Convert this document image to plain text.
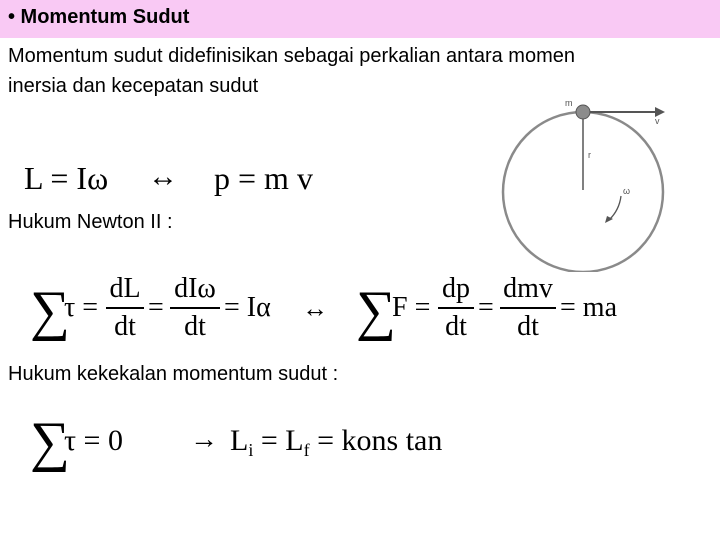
• Momentum Sudut
Momentum sudut didefinisikan sebagai perkalian antara momen
inersia dan kecepatan sudut
L = Iω ↔ p = m v
Hukum Newton II :
∑
τ =
dL
dt
=
dIω
dt
= Iα ↔ ∑
F =
dp
dt
=
dmv
dt
= ma
Hukum kekekalan momentum sudut :
∑
$\tau = 0 \to L_i = L_f$ = kons tan
m
v
r
ω
